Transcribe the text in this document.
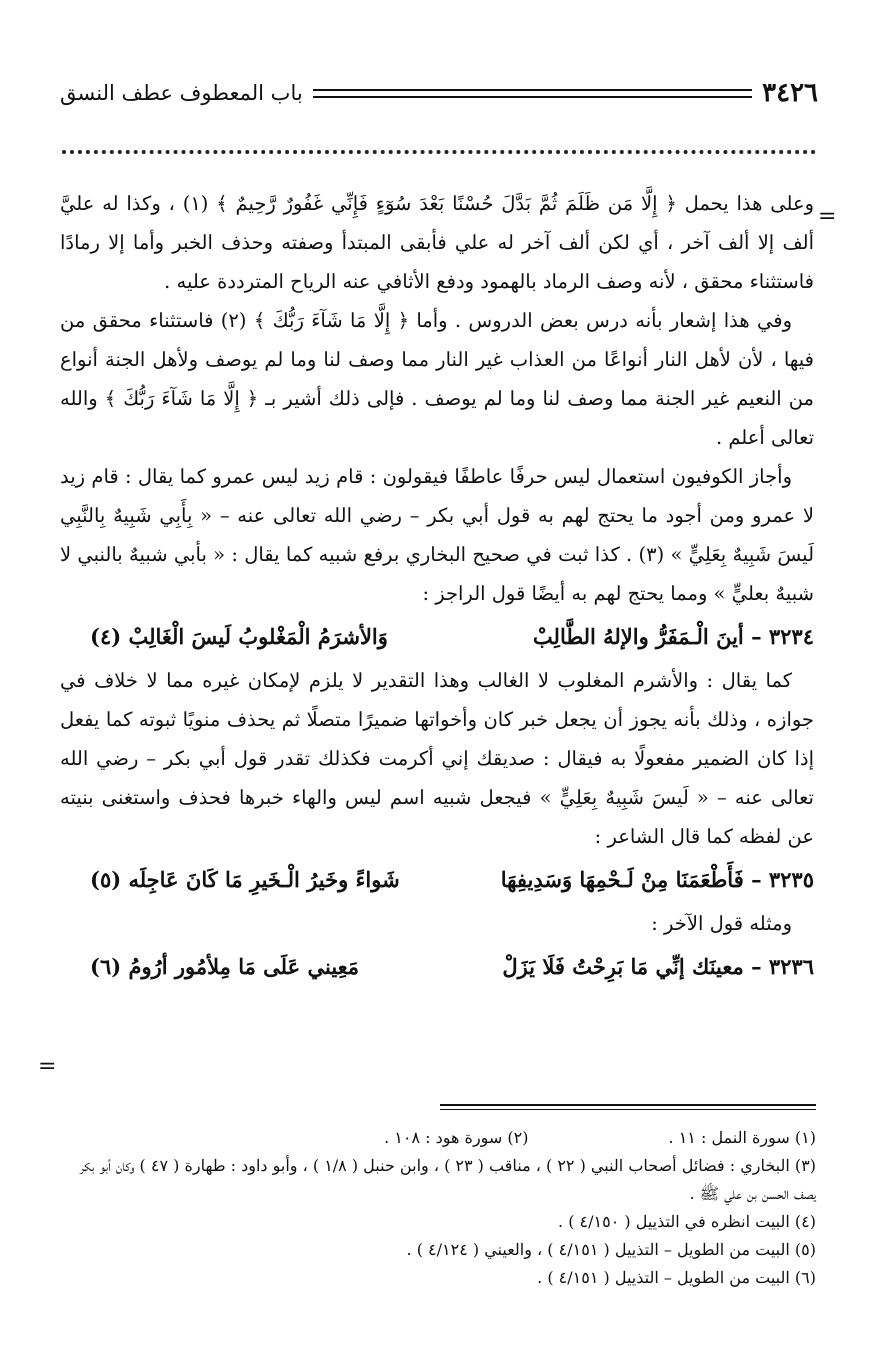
٣٤٢٦
باب المعطوف عطف النسق
=

وعلى هذا يحمل ﴿ إِلَّا مَن ظَلَمَ ثُمَّ بَدَّلَ حُسْنًا بَعْدَ سُوٓءٍ فَإِنِّي غَفُورٌ رَّحِيمٌ ﴾ (١) ، وكذا له عليَّ ألف إلا ألف آخر ، أي لكن ألف آخر له علي فأبقى المبتدأ وصفته وحذف الخبر وأما إلا رمادًا فاستثناء محقق ، لأنه وصف الرماد بالهمود ودفع الأثافي عنه الرياح المترددة عليه .

وفي هذا إشعار بأنه درس بعض الدروس . وأما ﴿ إِلَّا مَا شَآءَ رَبُّكَ ﴾ (٢) فاستثناء محقق من فيها ، لأن لأهل النار أنواعًا من العذاب غير النار مما وصف لنا وما لم يوصف ولأهل الجنة أنواع من النعيم غير الجنة مما وصف لنا وما لم يوصف . فإلى ذلك أشير بـ ﴿ إِلَّا مَا شَآءَ رَبُّكَ ﴾ والله تعالى أعلم .

وأجاز الكوفيون استعمال ليس حرفًا عاطفًا فيقولون : قام زيد ليس عمرو كما يقال : قام زيد لا عمرو ومن أجود ما يحتج لهم به قول أبي بكر – رضي الله تعالى عنه – « بِأَبِي شَبِيهٌ بِالنَّبِي لَيسَ شَبِيهٌ بِعَلِيٍّ » (٣) . كذا ثبت في صحيح البخاري برفع شبيه كما يقال : « بأبي شبيهٌ بالنبي لا شبيهٌ بعليٍّ » ومما يحتج لهم به أيضًا قول الراجز :

٣٢٣٤ – أينَ الْـمَفَرُّ والإلهُ الطَّالِبْ
وَالأشرَمُ الْمَغْلوبُ لَيسَ الْغَالِبْ (٤)

كما يقال : والأشرم المغلوب لا الغالب وهذا التقدير لا يلزم لإمكان غيره مما لا خلاف في جوازه ، وذلك بأنه يجوز أن يجعل خبر كان وأخواتها ضميرًا متصلًا ثم يحذف منويًا ثبوته كما يفعل إذا كان الضمير مفعولًا به فيقال : صديقك إني أكرمت فكذلك تقدر قول أبي بكر – رضي الله تعالى عنه – « لَيسَ شَبِيهٌ بِعَلِيٍّ » فيجعل شبيه اسم ليس والهاء خبرها فحذف واستغنى بنيته عن لفظه كما قال الشاعر :

٣٢٣٥ – فَأَطْعَمَنَا مِنْ لَـحْمِهَا وَسَدِيفِهَا
شَواءً وخَيرُ الْـخَيرِ مَا كَانَ عَاجِلَه (٥)

ومثله قول الآخر :

٣٢٣٦ – معينَك إنِّي مَا بَرِحْتُ فَلَا يَزَلْ
مَعِيني عَلَى مَا مِلأمُور أرُومُ (٦)
=
(١) سورة النمل : ١١ .
(٢) سورة هود : ١٠٨ .

(٣) البخاري : فضائل أصحاب النبي ( ٢٢ ) ، مناقب ( ٢٣ ) ، وابن حنبل ( ١/٨ ) ، وأبو داود : طهارة ( ٤٧ ) وكان أبو بكر يصف الحسن بن علي ﷺ .

(٤) البيت انظره في التذييل ( ٤/١٥٠ ) .

(٥) البيت من الطويل – التذييل ( ٤/١٥١ ) ، والعيني ( ٤/١٢٤ ) .

(٦) البيت من الطويل – التذييل ( ٤/١٥١ ) .
